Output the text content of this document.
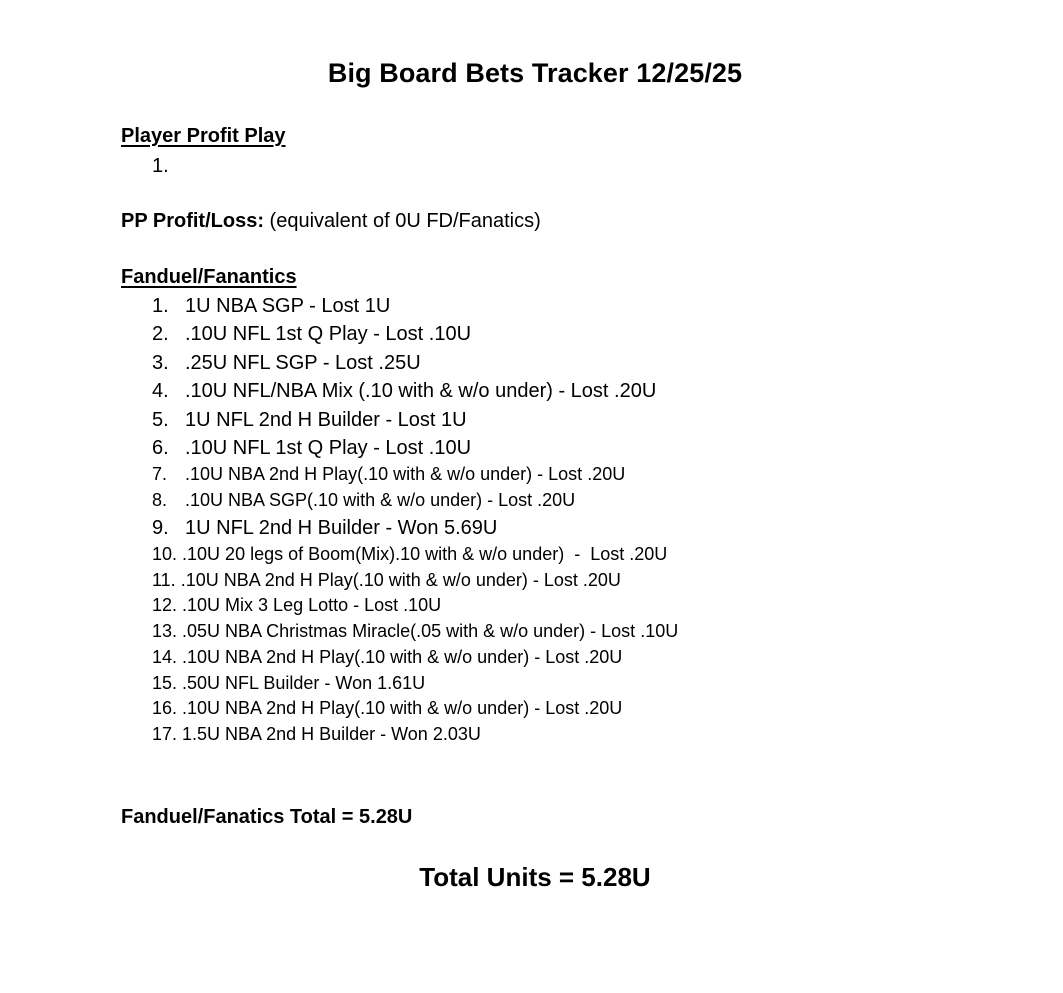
Big Board Bets Tracker 12/25/25
Player Profit Play
1.
PP Profit/Loss: (equivalent of 0U FD/Fanatics)
Fanduel/Fanantics
1. 1U NBA SGP - Lost 1U
2. .10U NFL 1st Q Play - Lost .10U
3. .25U NFL SGP - Lost .25U
4. .10U NFL/NBA Mix (.10 with & w/o under) - Lost .20U
5. 1U NFL 2nd H Builder - Lost 1U
6. .10U NFL 1st Q Play - Lost .10U
7. .10U NBA 2nd H Play(.10 with & w/o under) - Lost .20U
8. .10U NBA SGP(.10 with & w/o under) - Lost .20U
9. 1U NFL 2nd H Builder - Won 5.69U
10. .10U 20 legs of Boom(Mix).10 with & w/o under)  -  Lost .20U
11. .10U NBA 2nd H Play(.10 with & w/o under) - Lost .20U
12. .10U Mix 3 Leg Lotto - Lost .10U
13. .05U NBA Christmas Miracle(.05 with & w/o under) - Lost .10U
14. .10U NBA 2nd H Play(.10 with & w/o under) - Lost .20U
15. .50U NFL Builder - Won 1.61U
16. .10U NBA 2nd H Play(.10 with & w/o under) - Lost .20U
17. 1.5U NBA 2nd H Builder - Won 2.03U
Fanduel/Fanatics Total = 5.28U
Total Units = 5.28U
